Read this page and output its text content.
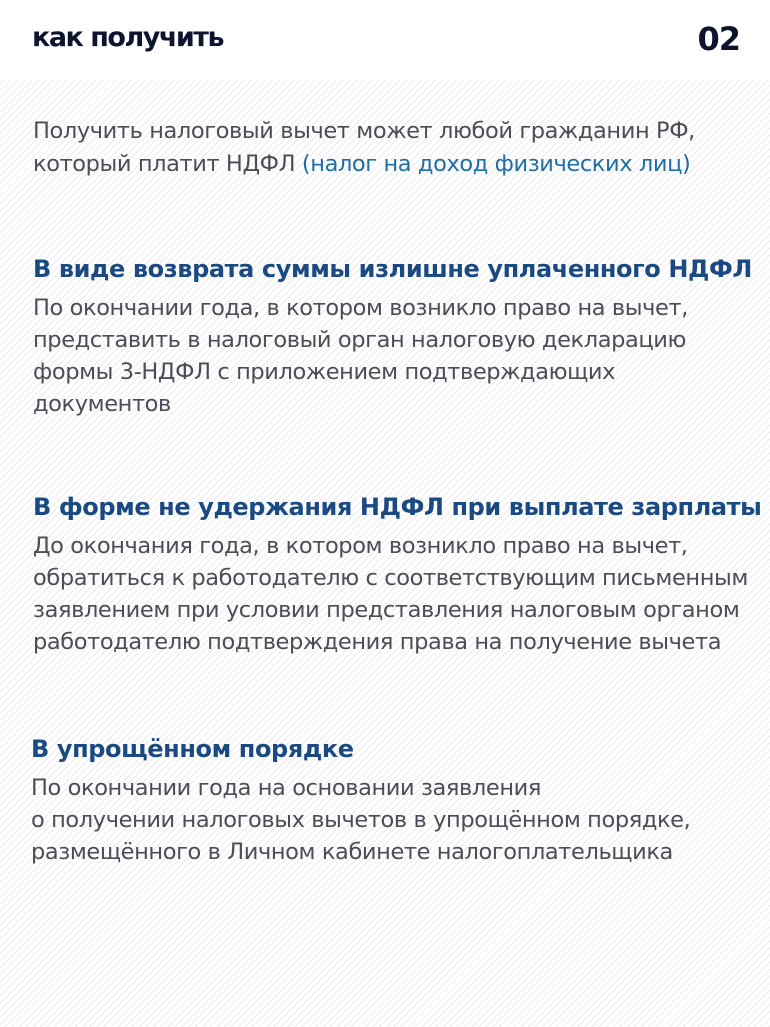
как получить	02

Получить налоговый вычет может любой гражданин РФ, который платит НДФЛ (налог на доход физических лиц)

В виде возврата суммы излишне уплаченного НДФЛ

По окончании года, в котором возникло право на вычет,
представить в налоговый орган налоговую декларацию
формы 3-НДФЛ с приложением подтверждающих
документов

В форме не удержания НДФЛ при выплате зарплаты

До окончания года, в котором возникло право на вычет,
обратиться к работодателю с соответствующим письменным
заявлением при условии представления налоговым органом
работодателю подтверждения права на получение вычета

В упрощённом порядке

По окончании года на основании заявления
о получении налоговых вычетов в упрощённом порядке,
размещённого в Личном кабинете налогоплательщика
